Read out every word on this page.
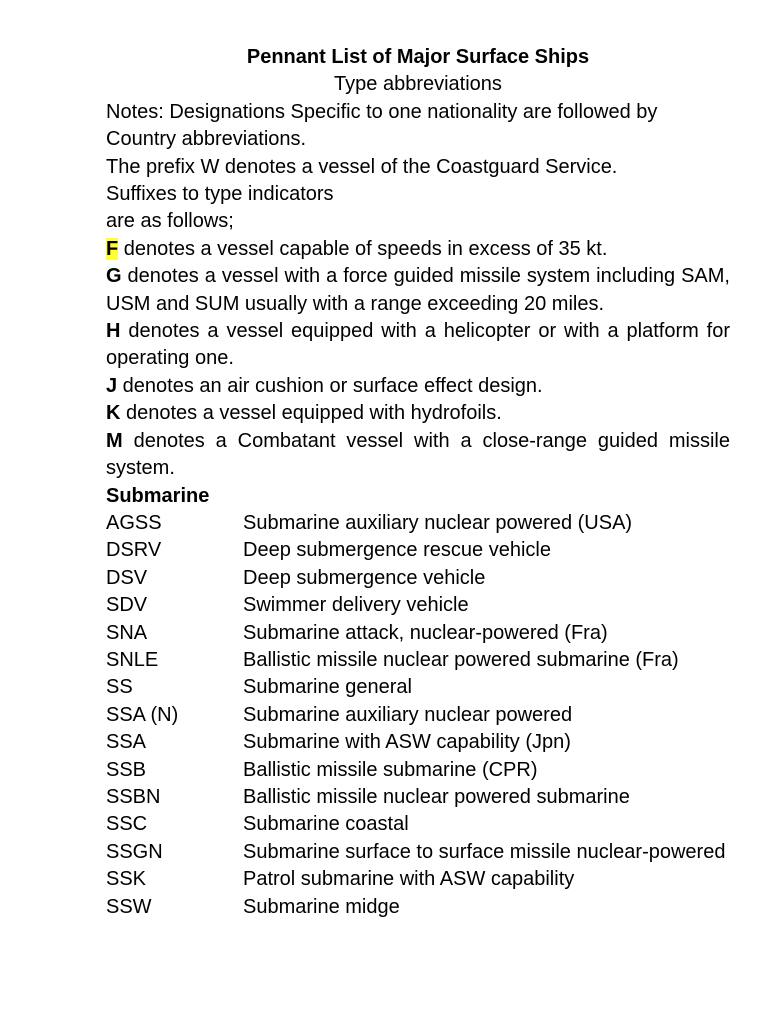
Pennant List of Major Surface Ships
Type abbreviations

Notes: Designations Specific to one nationality are followed by Country abbreviations.

The prefix W denotes a vessel of the Coastguard Service.

Suffixes to type indicators

are as follows;

F denotes a vessel capable of speeds in excess of 35 kt.

G denotes a vessel with a force guided missile system including SAM, USM and SUM usually with a range exceeding 20 miles.

H denotes a vessel equipped with a helicopter or with a platform for operating one.

J denotes an air cushion or surface effect design.

K denotes a vessel equipped with hydrofoils.

M denotes a Combatant vessel with a close-range guided missile system.

Submarine
AGSS	Submarine auxiliary nuclear powered (USA)
DSRV	Deep submergence rescue vehicle
DSV	Deep submergence vehicle
SDV	Swimmer delivery vehicle
SNA	Submarine attack, nuclear-powered (Fra)
SNLE	Ballistic missile nuclear powered submarine (Fra)
SS	Submarine general
SSA (N)	Submarine auxiliary nuclear powered
SSA	Submarine with ASW capability (Jpn)
SSB	Ballistic missile submarine (CPR)
SSBN	Ballistic missile nuclear powered submarine
SSC	Submarine coastal
SSGN	Submarine surface to surface missile nuclear-powered
SSK	Patrol submarine with ASW capability
SSW	Submarine midge
